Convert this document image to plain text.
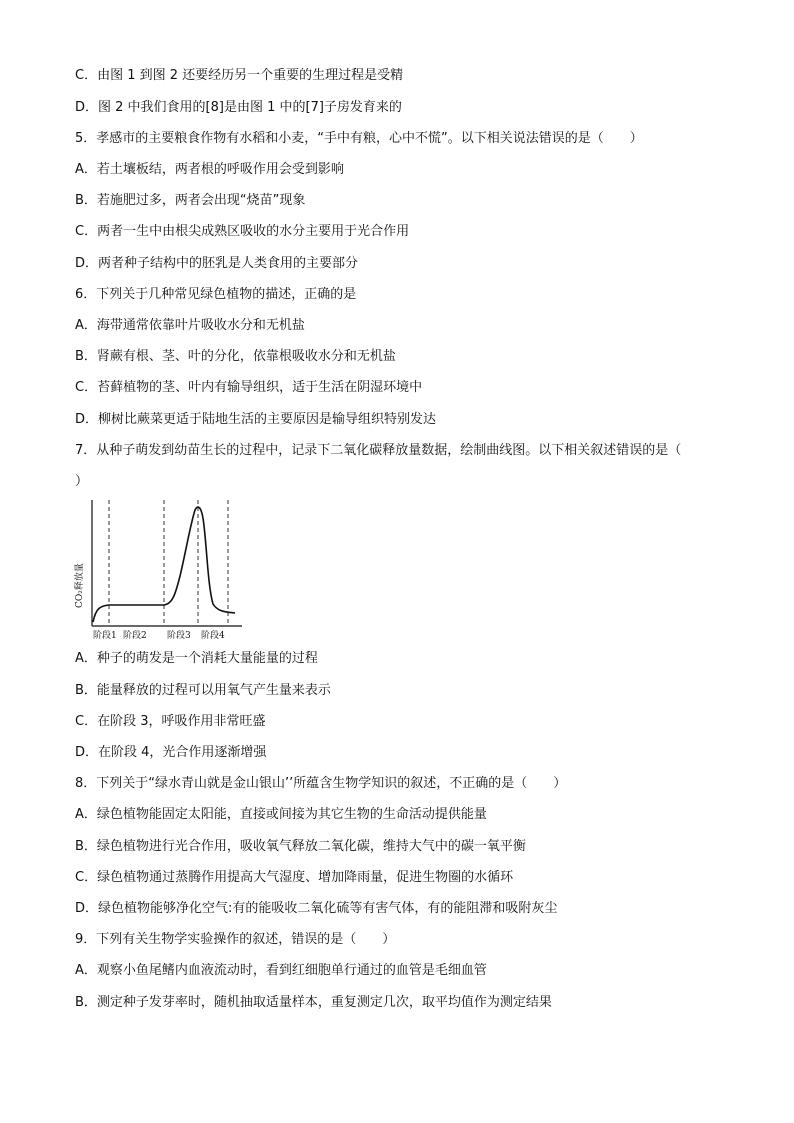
C．由图 1 到图 2 还要经历另一个重要的生理过程是受精
D．图 2 中我们食用的[8]是由图 1 中的[7]子房发育来的
5．孝感市的主要粮食作物有水稻和小麦，“手中有粮，心中不慌”。以下相关说法错误的是（　　）
A．若土壤板结，两者根的呼吸作用会受到影响
B．若施肥过多，两者会出现“烧苗”现象
C．两者一生中由根尖成熟区吸收的水分主要用于光合作用
D．两者种子结构中的胚乳是人类食用的主要部分
6．下列关于几种常见绿色植物的描述，正确的是
A．海带通常依靠叶片吸收水分和无机盐
B．肾蕨有根、茎、叶的分化，依靠根吸收水分和无机盐
C．苔藓植物的茎、叶内有输导组织，适于生活在阴湿环境中
D．柳树比蕨菜更适于陆地生活的主要原因是输导组织特别发达
7．从种子萌发到幼苗生长的过程中，记录下二氧化碳释放量数据，绘制曲线图。以下相关叙述错误的是（
）
CO₂释放量
阶段1 阶段2 阶段3 阶段4
A．种子的萌发是一个消耗大量能量的过程
B．能量释放的过程可以用氧气产生量来表示
C．在阶段 3，呼吸作用非常旺盛
D．在阶段 4，光合作用逐渐增强
8．下列关于“绿水青山就是金山银山’’所蕴含生物学知识的叙述，不正确的是（　　）
A．绿色植物能固定太阳能，直接或间接为其它生物的生命活动提供能量
B．绿色植物进行光合作用，吸收氧气释放二氧化碳，维持大气中的碳一氧平衡
C．绿色植物通过蒸腾作用提高大气湿度、增加降雨量，促进生物圈的水循环
D．绿色植物能够净化空气:有的能吸收二氧化硫等有害气体，有的能阻滞和吸附灰尘
9．下列有关生物学实验操作的叙述，错误的是（　　）
A．观察小鱼尾鳍内血液流动时，看到红细胞单行通过的血管是毛细血管
B．测定种子发芽率时，随机抽取适量样本，重复测定几次，取平均值作为测定结果
